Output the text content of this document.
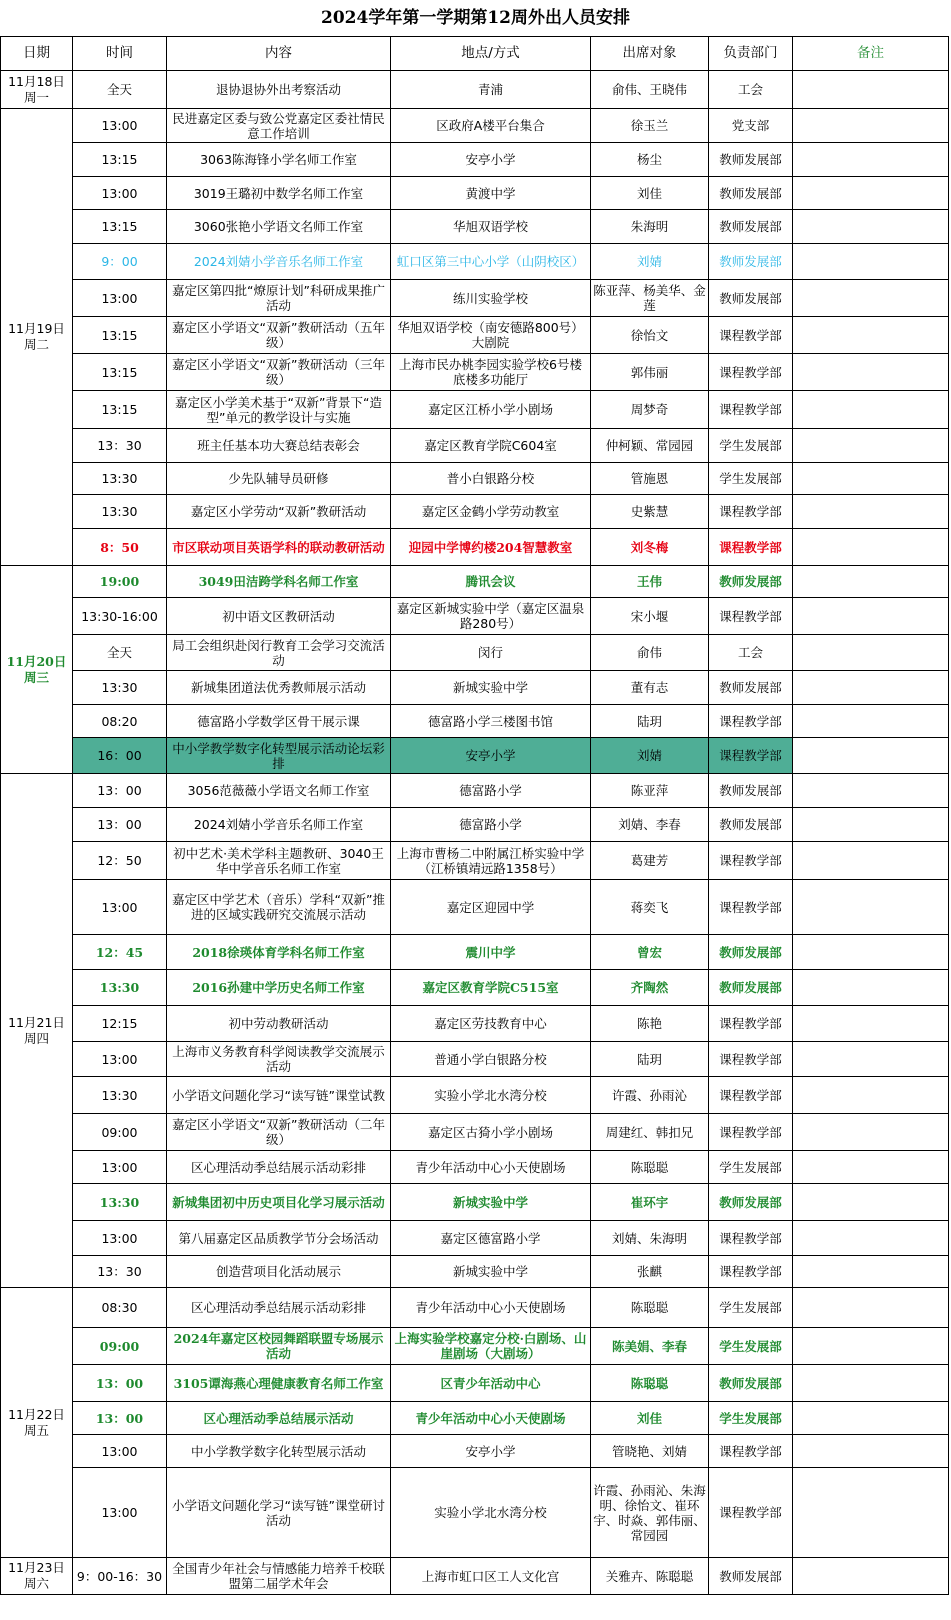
2024学年第一学期第12周外出人员安排
日期	时间	内容	地点/方式	出席对象	负责部门	备注

11月18日
周一	全天	退协退协外出考察活动	青浦	俞伟、王晓伟	工会	

11月19日
周二	13:00	民进嘉定区委与致公党嘉定区委社情民意工作培训	区政府A楼平台集合	徐玉兰	党支部	
	13:15	3063陈海锋小学名师工作室	安亭小学	杨尘	教师发展部	
	13:00	3019王璐初中数学名师工作室	黄渡中学	刘佳	教师发展部	
	13:15	3060张艳小学语文名师工作室	华旭双语学校	朱海明	教师发展部	
	9：00	2024刘婧小学音乐名师工作室	虹口区第三中心小学（山阴校区）	刘婧	教师发展部	
	13:00	嘉定区第四批“燎原计划”科研成果推广活动	练川实验学校	陈亚萍、杨美华、金莲	教师发展部	
	13:15	嘉定区小学语文“双新”教研活动（五年级）	华旭双语学校（南安德路800号）大剧院	徐怡文	课程教学部	
	13:15	嘉定区小学语文“双新”教研活动（三年级）	上海市民办桃李园实验学校6号楼底楼多功能厅	郭伟丽	课程教学部	
	13:15	嘉定区小学美术基于“双新”背景下“造型”单元的教学设计与实施	嘉定区江桥小学小剧场	周梦奇	课程教学部	
	13：30	班主任基本功大赛总结表彰会	嘉定区教育学院C604室	仲柯颖、常园园	学生发展部	
	13:30	少先队辅导员研修	普小白银路分校	管施恩	学生发展部	
	13:30	嘉定区小学劳动“双新”教研活动	嘉定区金鹤小学劳动教室	史紫慧	课程教学部	
	8：50	市区联动项目英语学科的联动教研活动	迎园中学博约楼204智慧教室	刘冬梅	课程教学部	

11月20日
周三	19:00	3049田洁跨学科名师工作室	腾讯会议	王伟	教师发展部	
	13:30-16:00	初中语文区教研活动	嘉定区新城实验中学（嘉定区温泉路280号）	宋小堰	课程教学部	
	全天	局工会组织赴闵行教育工会学习交流活动	闵行	俞伟	工会	
	13:30	新城集团道法优秀教师展示活动	新城实验中学	董有志	教师发展部	
	08:20	德富路小学数学区骨干展示课	德富路小学三楼图书馆	陆玥	课程教学部	
	16：00	中小学教学数字化转型展示活动论坛彩排	安亭小学	刘婧	课程教学部	

11月21日
周四	13：00	3056范薇薇小学语文名师工作室	德富路小学	陈亚萍	教师发展部	
	13：00	2024刘婧小学音乐名师工作室	德富路小学	刘婧、李春	教师发展部	
	12：50	初中艺术·美术学科主题教研、3040王华中学音乐名师工作室	上海市曹杨二中附属江桥实验中学（江桥镇靖远路1358号）	葛建芳	课程教学部	
	13:00	嘉定区中学艺术（音乐）学科“双新”推进的区域实践研究交流展示活动	嘉定区迎园中学	蒋奕飞	课程教学部	
	12：45	2018徐瑛体育学科名师工作室	震川中学	曾宏	教师发展部	
	13:30	2016孙建中学历史名师工作室	嘉定区教育学院C515室	齐陶然	教师发展部	
	12:15	初中劳动教研活动	嘉定区劳技教育中心	陈艳	课程教学部	
	13:00	上海市义务教育科学阅读教学交流展示活动	普通小学白银路分校	陆玥	课程教学部	
	13:30	小学语文问题化学习“读写链”课堂试教	实验小学北水湾分校	许霞、孙雨沁	课程教学部	
	09:00	嘉定区小学语文“双新”教研活动（二年级）	嘉定区古猗小学小剧场	周建红、韩扣兄	课程教学部	
	13:00	区心理活动季总结展示活动彩排	青少年活动中心小天使剧场	陈聪聪	学生发展部	
	13:30	新城集团初中历史项目化学习展示活动	新城实验中学	崔环宇	教师发展部	
	13:00	第八届嘉定区品质教学节分会场活动	嘉定区德富路小学	刘婧、朱海明	课程教学部	
	13：30	创造营项目化活动展示	新城实验中学	张麒	课程教学部	

11月22日
周五	08:30	区心理活动季总结展示活动彩排	青少年活动中心小天使剧场	陈聪聪	学生发展部	
	09:00	2024年嘉定区校园舞蹈联盟专场展示活动	上海实验学校嘉定分校·白剧场、山崖剧场（大剧场）	陈美娟、李春	学生发展部	
	13：00	3105谭海燕心理健康教育名师工作室	区青少年活动中心	陈聪聪	教师发展部	
	13：00	区心理活动季总结展示活动	青少年活动中心小天使剧场	刘佳	学生发展部	
	13:00	中小学教学数字化转型展示活动	安亭小学	管晓艳、刘婧	课程教学部	
	13:00	小学语文问题化学习“读写链”课堂研讨活动	实验小学北水湾分校	许霞、孙雨沁、朱海明、徐怡文、崔环宇、时焱、郭伟丽、常园园	课程教学部	

11月23日
周六	9：00-16：30	全国青少年社会与情感能力培养千校联盟第二届学术年会	上海市虹口区工人文化宫	关雅卉、陈聪聪	教师发展部	
